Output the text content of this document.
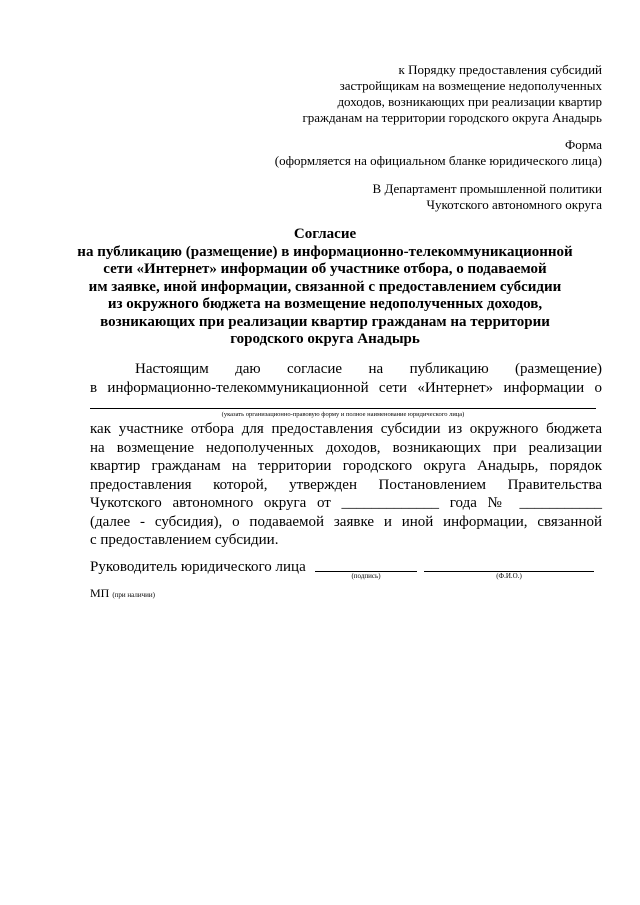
к Порядку предоставления субсидий
застройщикам на возмещение недополученных
доходов, возникающих при реализации квартир
гражданам на территории городского округа Анадырь
Форма
(оформляется на официальном бланке юридического лица)
В Департамент промышленной политики
Чукотского автономного округа
Согласие
на публикацию (размещение) в информационно-телекоммуникационной
сети «Интернет» информации об участнике отбора, о подаваемой
им заявке, иной информации, связанной с предоставлением субсидии
из окружного бюджета на возмещение недополученных доходов,
возникающих при реализации квартир гражданам на территории
городского округа Анадырь
Настоящим даю согласие на публикацию (размещение)
в информационно-телекоммуникационной сети «Интернет» информации о
(указать организационно-правовую форму и полное наименование юридического лица)
как участнике отбора для предоставления субсидии из окружного бюджета
на возмещение недополученных доходов, возникающих при реализации
квартир гражданам на территории городского округа Анадырь, порядок
предоставления которой, утвержден Постановлением Правительства
Чукотского автономного округа от _____________ года № ___________
(далее - субсидия), о подаваемой заявке и иной информации, связанной
с предоставлением субсидии.
Руководитель юридического лица
(подпись)	(Ф.И.О.)
МП (при наличии)
